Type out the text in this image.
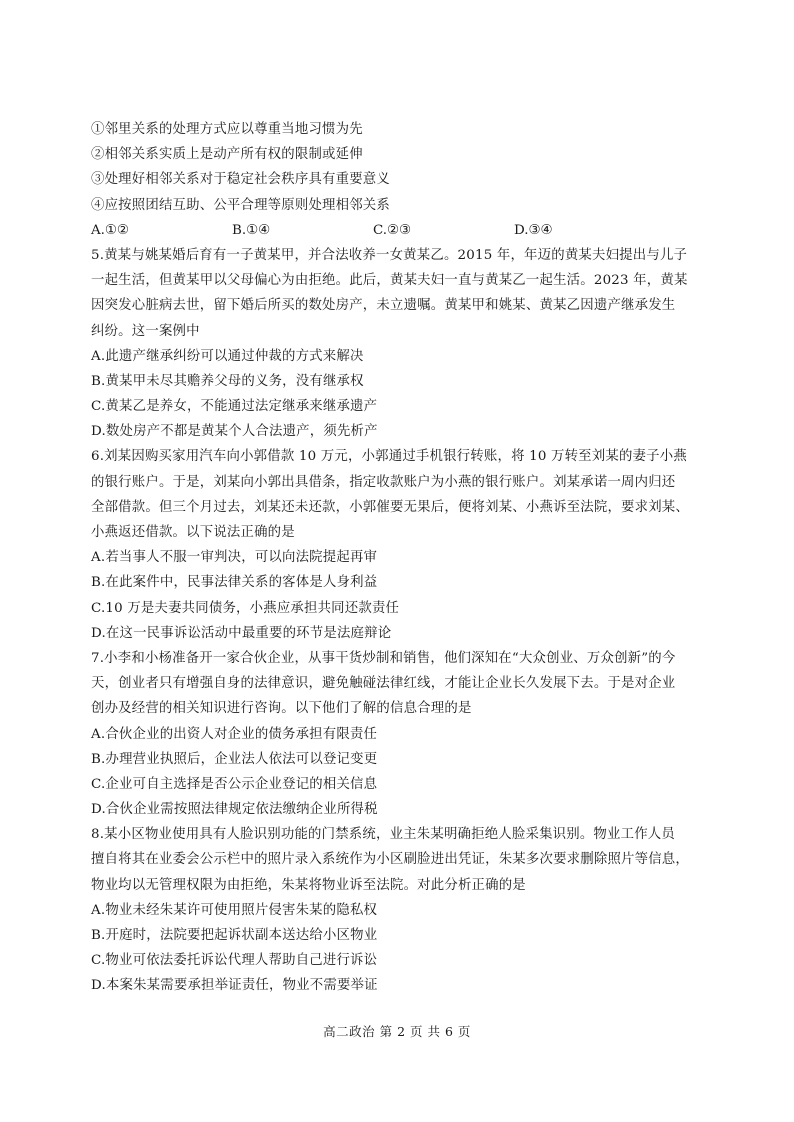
①邻里关系的处理方式应以尊重当地习惯为先
②相邻关系实质上是动产所有权的限制或延伸
③处理好相邻关系对于稳定社会秩序具有重要意义
④应按照团结互助、公平合理等原则处理相邻关系
A.①②	B.①④	C.②③	D.③④
5.黄某与姚某婚后育有一子黄某甲，并合法收养一女黄某乙。2015 年，年迈的黄某夫妇提出与儿子
一起生活，但黄某甲以父母偏心为由拒绝。此后，黄某夫妇一直与黄某乙一起生活。2023 年，黄某
因突发心脏病去世，留下婚后所买的数处房产，未立遗嘱。黄某甲和姚某、黄某乙因遗产继承发生
纠纷。这一案例中
A.此遗产继承纠纷可以通过仲裁的方式来解决
B.黄某甲未尽其赡养父母的义务，没有继承权
C.黄某乙是养女，不能通过法定继承来继承遗产
D.数处房产不都是黄某个人合法遗产，须先析产
6.刘某因购买家用汽车向小郭借款 10 万元，小郭通过手机银行转账，将 10 万转至刘某的妻子小燕
的银行账户。于是，刘某向小郭出具借条，指定收款账户为小燕的银行账户。刘某承诺一周内归还
全部借款。但三个月过去，刘某还未还款，小郭催要无果后，便将刘某、小燕诉至法院，要求刘某、
小燕返还借款。以下说法正确的是
A.若当事人不服一审判决，可以向法院提起再审
B.在此案件中，民事法律关系的客体是人身利益
C.10 万是夫妻共同债务，小燕应承担共同还款责任
D.在这一民事诉讼活动中最重要的环节是法庭辩论
7.小李和小杨准备开一家合伙企业，从事干货炒制和销售，他们深知在“大众创业、万众创新”的今
天，创业者只有增强自身的法律意识，避免触碰法律红线，才能让企业长久发展下去。于是对企业
创办及经营的相关知识进行咨询。以下他们了解的信息合理的是
A.合伙企业的出资人对企业的债务承担有限责任
B.办理营业执照后，企业法人依法可以登记变更
C.企业可自主选择是否公示企业登记的相关信息
D.合伙企业需按照法律规定依法缴纳企业所得税
8.某小区物业使用具有人脸识别功能的门禁系统，业主朱某明确拒绝人脸采集识别。物业工作人员
擅自将其在业委会公示栏中的照片录入系统作为小区刷脸进出凭证，朱某多次要求删除照片等信息，
物业均以无管理权限为由拒绝，朱某将物业诉至法院。对此分析正确的是
A.物业未经朱某许可使用照片侵害朱某的隐私权
B.开庭时，法院要把起诉状副本送达给小区物业
C.物业可依法委托诉讼代理人帮助自己进行诉讼
D.本案朱某需要承担举证责任，物业不需要举证
高二政治 第 2 页 共 6 页
